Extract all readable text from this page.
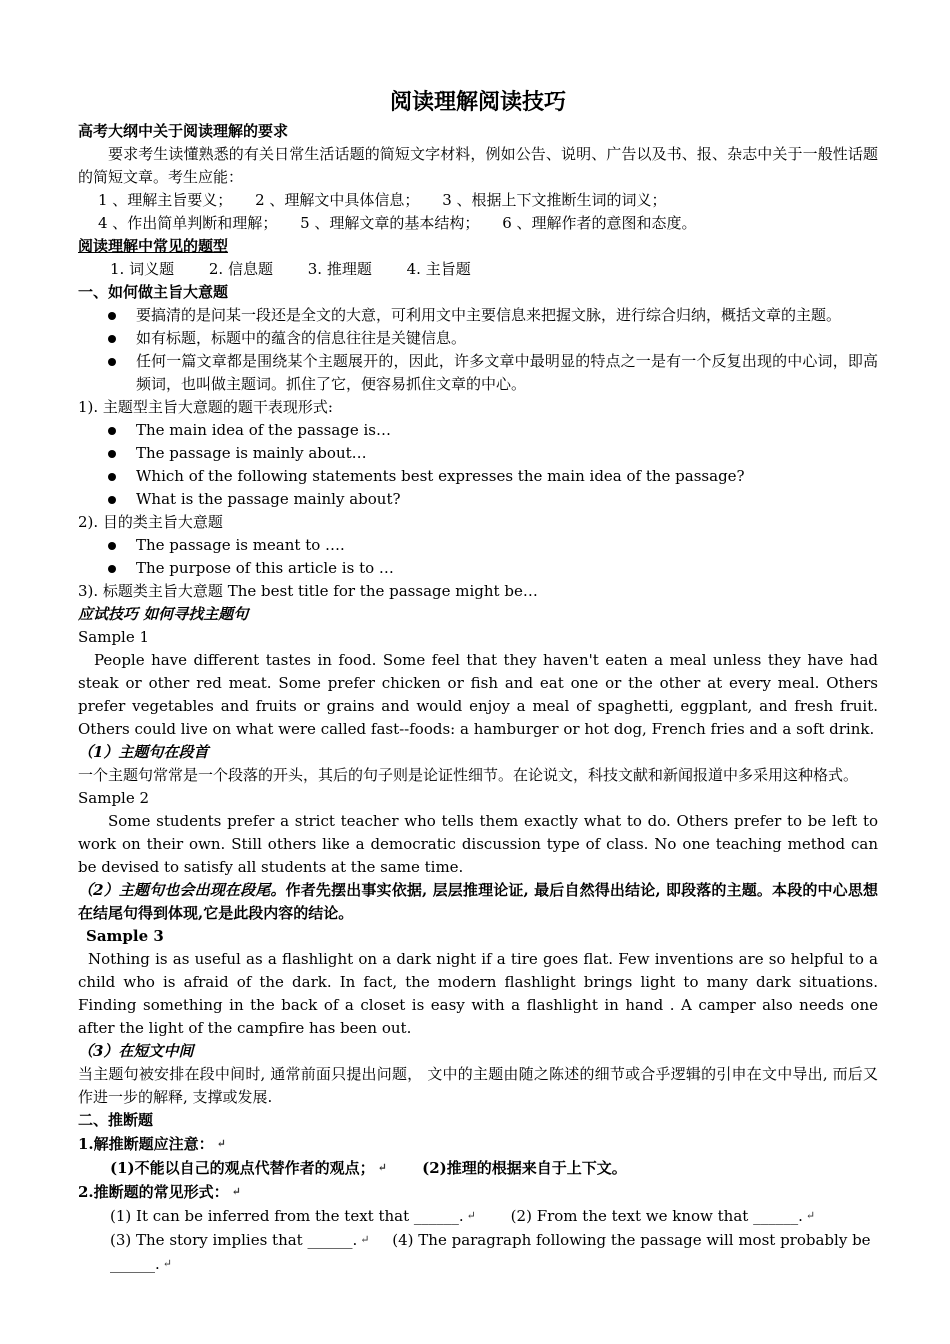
阅读理解阅读技巧

高考大纲中关于阅读理解的要求

要求考生读懂熟悉的有关日常生活话题的简短文字材料，例如公告、说明、广告以及书、报、杂志中关于一般性话题的简短文章。考生应能：

1 、理解主旨要义； 2 、理解文中具体信息； 3 、根据上下文推断生词的词义；

4 、作出简单判断和理解； 5 、理解文章的基本结构； 6 、理解作者的意图和态度。

阅读理解中常见的题型

1. 词义题 2. 信息题 3. 推理题 4. 主旨题

一、如何做主旨大意题

要搞清的是问某一段还是全文的大意，可利用文中主要信息来把握文脉，进行综合归纳，概括文章的主题。
如有标题，标题中的蕴含的信息往往是关键信息。
任何一篇文章都是围绕某个主题展开的，因此，许多文章中最明显的特点之一是有一个反复出现的中心词，即高频词，也叫做主题词。抓住了它，便容易抓住文章的中心。

1). 主题型主旨大意题的题干表现形式:

The main idea of the passage is…
The passage is mainly about…
Which of the following statements best expresses the main idea of the passage?
What is the passage mainly about?

2). 目的类主旨大意题

The passage is meant to ….
The purpose of this article is to …

3). 标题类主旨大意题 The best title for the passage might be…

应试技巧 如何寻找主题句

Sample 1

People have different tastes in food. Some feel that they haven't eaten a meal unless they have had steak or other red meat. Some prefer chicken or fish and eat one or the other at every meal. Others prefer vegetables and fruits or grains and would enjoy a meal of spaghetti, eggplant, and fresh fruit. Others could live on what were called fast--foods: a hamburger or hot dog, French fries and a soft drink.

（1）主题句在段首

一个主题句常常是一个段落的开头，其后的句子则是论证性细节。在论说文，科技文献和新闻报道中多采用这种格式。

Sample 2

Some students prefer a strict teacher who tells them exactly what to do. Others prefer to be left to work on their own. Still others like a democratic discussion type of class. No one teaching method can be devised to satisfy all students at the same time.

（2）主题句也会出现在段尾。作者先摆出事实依据, 层层推理论证, 最后自然得出结论, 即段落的主题。本段的中心思想在结尾句得到体现,它是此段内容的结论。

Sample 3

Nothing is as useful as a flashlight on a dark night if a tire goes flat. Few inventions are so helpful to a child who is afraid of the dark. In fact, the modern flashlight brings light to many dark situations. Finding something in the back of a closet is easy with a flashlight in hand . A camper also needs one after the light of the campfire has been out.

（3）在短文中间

当主题句被安排在段中间时, 通常前面只提出问题， 文中的主题由随之陈述的细节或合乎逻辑的引申在文中导出, 而后又作进一步的解释, 支撑或发展.

二、推断题

1.解推断题应注意： ↵

(1)不能以自己的观点代替作者的观点； ↵ (2)推理的根据来自于上下文。

2.推断题的常见形式： ↵

(1) It can be inferred from the text that ______. ↵ (2) From the text we know that ______. ↵

(3) The story implies that ______. ↵ (4) The paragraph following the passage will most probably be ______. ↵
